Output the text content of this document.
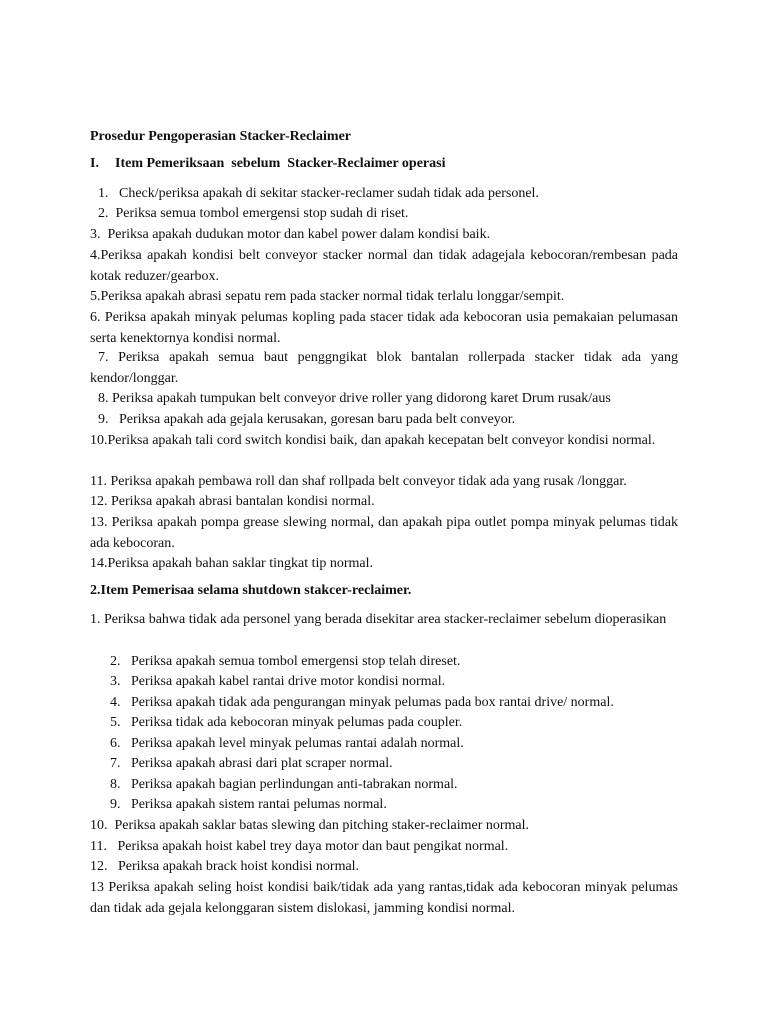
Prosedur Pengoperasian Stacker-Reclaimer
I. Item Pemeriksaan  sebelum  Stacker-Reclaimer operasi
1.   Check/periksa apakah di sekitar stacker-reclamer sudah tidak ada personel.
2.  Periksa semua tombol emergensi stop sudah di riset.
3.  Periksa apakah dudukan motor dan kabel power dalam kondisi baik.
4.Periksa apakah kondisi belt conveyor stacker normal dan tidak adagejala kebocoran/rembesan pada kotak reduzer/gearbox.
5.Periksa apakah abrasi sepatu rem pada stacker normal tidak terlalu longgar/sempit.
6. Periksa apakah minyak pelumas kopling pada stacer tidak ada kebocoran usia pemakaian pelumasan serta kenektornya kondisi normal.
7. Periksa apakah semua baut penggngikat blok bantalan rollerpada stacker tidak ada yang kendor/longgar.
8. Periksa apakah tumpukan belt conveyor drive roller yang didorong karet Drum rusak/aus
9.   Periksa apakah ada gejala kerusakan, goresan baru pada belt conveyor.
10.Periksa apakah tali cord switch kondisi baik, dan apakah kecepatan belt conveyor kondisi normal.
11. Periksa apakah pembawa roll dan shaf rollpada belt conveyor tidak ada yang rusak /longgar.
12. Periksa apakah abrasi bantalan kondisi normal.
13. Periksa apakah pompa grease slewing normal, dan apakah pipa outlet pompa minyak pelumas tidak ada kebocoran.
14.Periksa apakah bahan saklar tingkat tip normal.
2.Item Pemerisaa selama shutdown stakcer-reclaimer.
1. Periksa bahwa tidak ada personel yang berada disekitar area stacker-reclaimer sebelum dioperasikan
2.   Periksa apakah semua tombol emergensi stop telah direset.
3.   Periksa apakah kabel rantai drive motor kondisi normal.
4.   Periksa apakah tidak ada pengurangan minyak pelumas pada box rantai drive/ normal.
5.   Periksa tidak ada kebocoran minyak pelumas pada coupler.
6.   Periksa apakah level minyak pelumas rantai adalah normal.
7.   Periksa apakah abrasi dari plat scraper normal.
8.   Periksa apakah bagian perlindungan anti-tabrakan normal.
9.   Periksa apakah sistem rantai pelumas normal.
10.  Periksa apakah saklar batas slewing dan pitching staker-reclaimer normal.
11.   Periksa apakah hoist kabel trey daya motor dan baut pengikat normal.
12.   Periksa apakah brack hoist kondisi normal.
13 Periksa apakah seling hoist kondisi baik/tidak ada yang rantas,tidak ada kebocoran minyak pelumas dan tidak ada gejala kelonggaran sistem dislokasi, jamming kondisi normal.
